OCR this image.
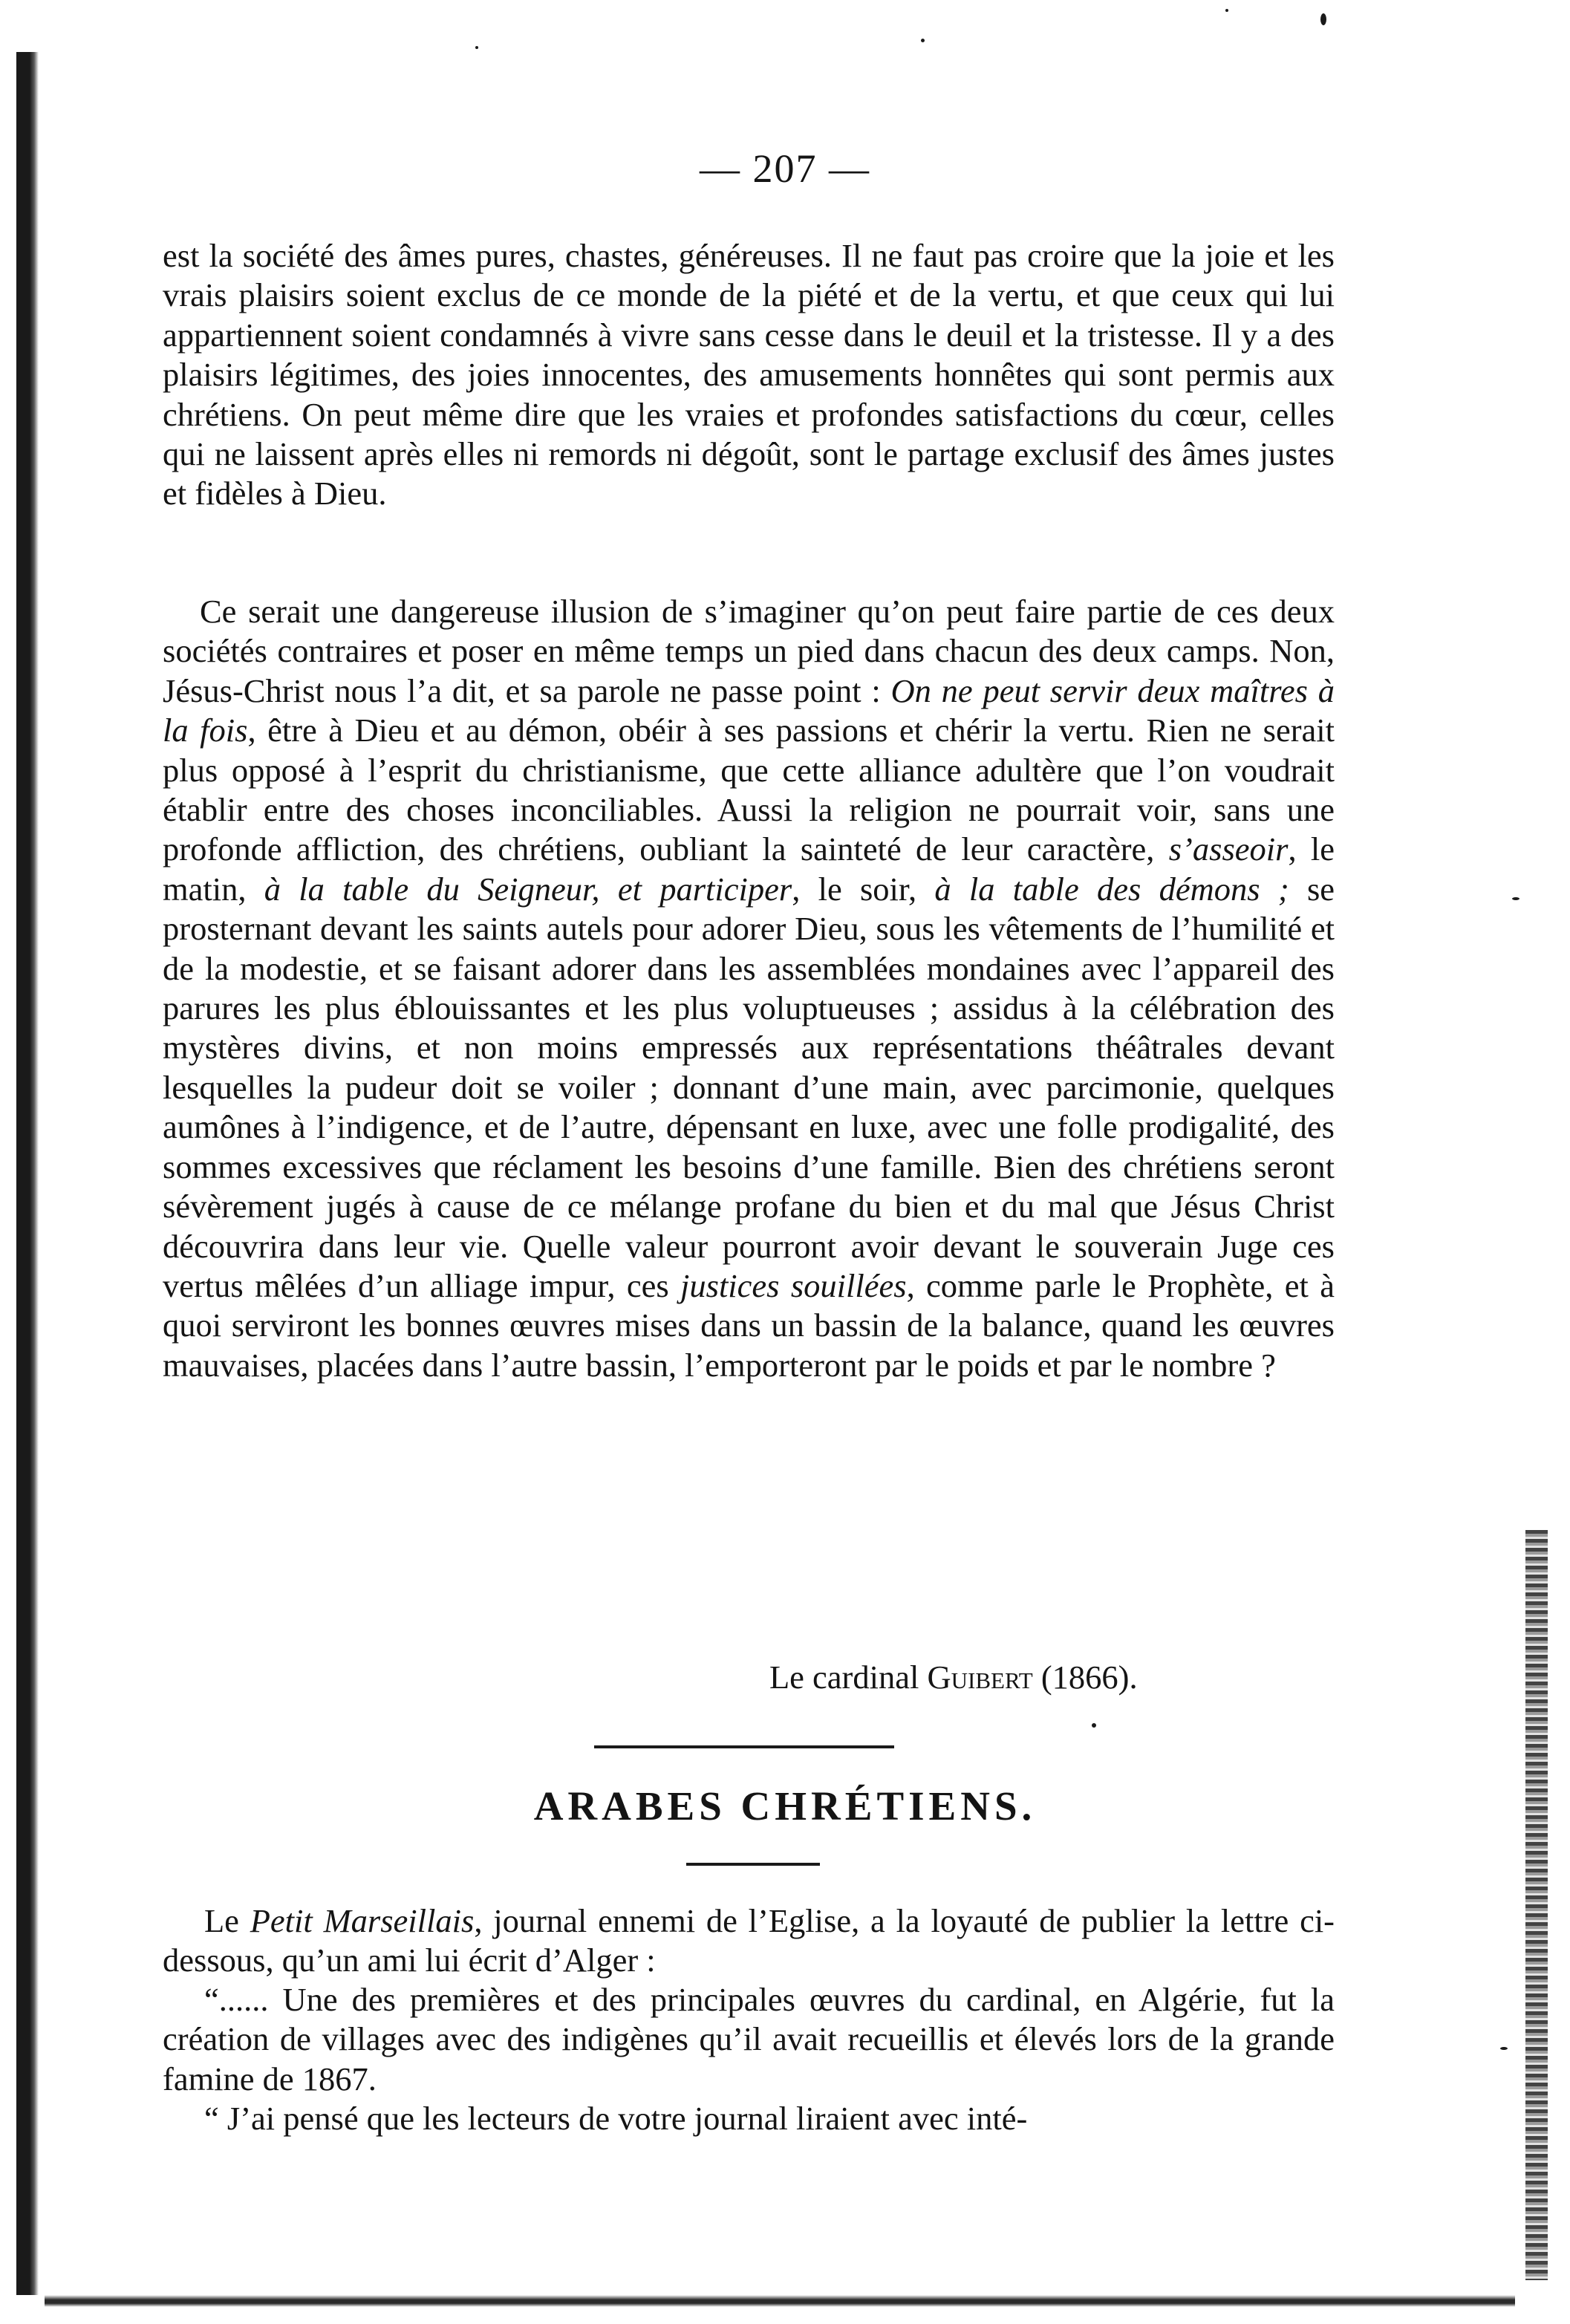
— 207 —

est la société des âmes pures, chastes, généreuses. Il ne faut pas croire que la joie et les vrais plaisirs soient exclus de ce monde de la piété et de la vertu, et que ceux qui lui appartiennent soient condamnés à vivre sans cesse dans le deuil et la tristesse. Il y a des plaisirs légitimes, des joies innocentes, des amusements honnêtes qui sont permis aux chrétiens. On peut même dire que les vraies et profondes satisfactions du cœur, celles qui ne laissent après elles ni remords ni dégoût, sont le partage exclusif des âmes justes et fidèles à Dieu.

Ce serait une dangereuse illusion de s’imaginer qu’on peut faire partie de ces deux sociétés contraires et poser en même temps un pied dans chacun des deux camps. Non, Jésus-Christ nous l’a dit, et sa parole ne passe point : On ne peut servir deux maîtres à la fois, être à Dieu et au démon, obéir à ses passions et chérir la vertu. Rien ne serait plus opposé à l’esprit du christianisme, que cette alliance adultère que l’on voudrait établir entre des choses inconciliables. Aussi la religion ne pourrait voir, sans une profonde affliction, des chrétiens, oubliant la sainteté de leur caractère, s’asseoir, le matin, à la table du Seigneur, et participer, le soir, à la table des démons ; se prosternant devant les saints autels pour adorer Dieu, sous les vêtements de l’humilité et de la modestie, et se faisant adorer dans les assemblées mondaines avec l’appareil des parures les plus éblouissantes et les plus voluptueuses ; assidus à la célébration des mystères divins, et non moins empressés aux représentations théâtrales devant lesquelles la pudeur doit se voiler ; donnant d’une main, avec parcimonie, quelques aumônes à l’indigence, et de l’autre, dépensant en luxe, avec une folle prodigalité, des sommes excessives que réclament les besoins d’une famille. Bien des chrétiens seront sévèrement jugés à cause de ce mélange profane du bien et du mal que Jésus Christ découvrira dans leur vie. Quelle valeur pourront avoir devant le souverain Juge ces vertus mêlées d’un alliage impur, ces justices souillées, comme parle le Prophète, et à quoi serviront les bonnes œuvres mises dans un bassin de la balance, quand les œuvres mauvaises, placées dans l’autre bassin, l’emporteront par le poids et par le nombre ?

Le cardinal Guibert (1866).
ARABES CHRÉTIENS.

Le Petit Marseillais, journal ennemi de l’Eglise, a la loyauté de publier la lettre ci-dessous, qu’un ami lui écrit d’Alger :

“...... Une des premières et des principales œuvres du cardinal, en Algérie, fut la création de villages avec des indigènes qu’il avait recueillis et élevés lors de la grande famine de 1867.

“ J’ai pensé que les lecteurs de votre journal liraient avec inté-
